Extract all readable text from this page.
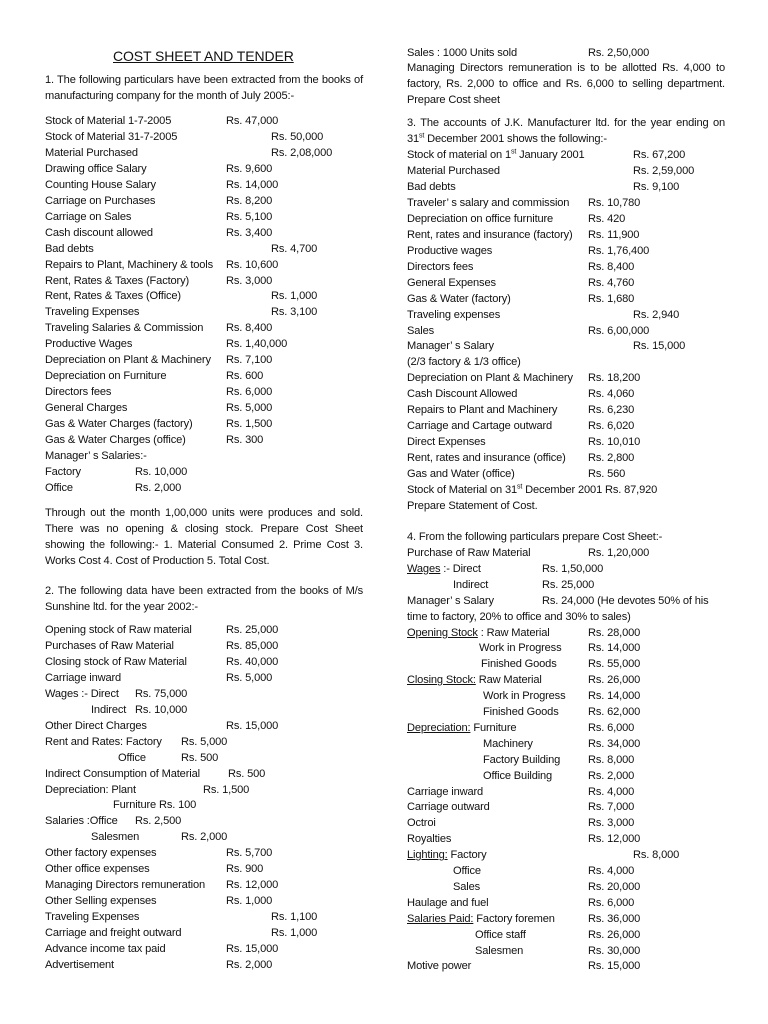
COST SHEET AND TENDER
1. The following particulars have been extracted from the books of manufacturing company for the month of July 2005:-
Stock of Material 1-7-2005	Rs. 47,000
Stock of Material 31-7-2005	Rs. 50,000
Material Purchased	Rs. 2,08,000
Drawing office Salary	Rs. 9,600
Counting House Salary	Rs. 14,000
Carriage on Purchases	Rs. 8,200
Carriage on Sales	Rs. 5,100
Cash discount allowed	Rs. 3,400
Bad debts	Rs. 4,700
Repairs to Plant, Machinery & tools Rs. 10,600
Rent, Rates & Taxes (Factory)	Rs. 3,000
Rent, Rates & Taxes (Office)	Rs. 1,000
Traveling Expenses	Rs. 3,100
Traveling Salaries & Commission Rs. 8,400
Productive Wages	Rs. 1,40,000
Depreciation on Plant & Machinery Rs. 7,100
Depreciation on Furniture	Rs. 600
Directors fees	Rs. 6,000
General Charges	Rs. 5,000
Gas & Water Charges (factory)	Rs. 1,500
Gas & Water Charges (office)	Rs. 300
Manager’ s Salaries:-
Factory	Rs. 10,000
Office	Rs. 2,000
Through out the month 1,00,000 units were produces and sold. There was no opening & closing stock. Prepare Cost Sheet showing the following:- 1. Material Consumed 2. Prime Cost 3. Works Cost 4. Cost of Production 5. Total Cost.
2. The following data have been extracted from the books of M/s Sunshine ltd. for the year 2002:-
Opening stock of Raw material	Rs. 25,000
Purchases of Raw Material	Rs. 85,000
Closing stock of Raw Material	Rs. 40,000
Carriage inward	Rs. 5,000
Wages :- Direct Rs. 75,000
Indirect Rs. 10,000
Other Direct Charges	Rs. 15,000
Rent and Rates: Factory Rs. 5,000
Office	Rs. 500
Indirect Consumption of Material	Rs. 500
Depreciation: Plant	Rs. 1,500
Furniture Rs. 100
Salaries :Office Rs. 2,500
Salesmen	Rs. 2,000
Other factory expenses	Rs. 5,700
Other office expenses	Rs. 900
Managing Directors remuneration Rs. 12,000
Other Selling expenses	Rs. 1,000
Traveling Expenses	Rs. 1,100
Carriage and freight outward	Rs. 1,000
Advance income tax paid	Rs. 15,000
Advertisement	Rs. 2,000
Sales : 1000 Units sold	Rs. 2,50,000
Managing Directors remuneration is to be allotted Rs. 4,000 to factory, Rs. 2,000 to office and Rs. 6,000 to selling department. Prepare Cost sheet
3. The accounts of J.K. Manufacturer ltd. for the year ending on 31st December 2001 shows the following:-
Stock of material on 1st January 2001	Rs. 67,200
Material Purchased	Rs. 2,59,000
Bad debts	Rs. 9,100
Traveler’ s salary and commission Rs. 10,780
Depreciation on office furniture	Rs. 420
Rent, rates and insurance (factory) Rs. 11,900
Productive wages	Rs. 1,76,400
Directors fees	Rs. 8,400
General Expenses	Rs. 4,760
Gas & Water (factory)	Rs. 1,680
Traveling expenses	Rs. 2,940
Sales	Rs. 6,00,000
Manager’ s Salary	Rs. 15,000
(2/3 factory & 1/3 office)
Depreciation on Plant & Machinery Rs. 18,200
Cash Discount Allowed	Rs. 4,060
Repairs to Plant and Machinery	Rs. 6,230
Carriage and Cartage outward	Rs. 6,020
Direct Expenses	Rs. 10,010
Rent, rates and insurance (office) Rs. 2,800
Gas and Water (office)	Rs. 560
Stock of Material on 31st December 2001 Rs. 87,920
Prepare Statement of Cost.
4. From the following particulars prepare Cost Sheet:-
Purchase of Raw Material	Rs. 1,20,000
Wages :- Direct	Rs. 1,50,000
Indirect	Rs. 25,000
Manager’ s Salary	Rs. 24,000 (He devotes 50% of his
time to factory, 20% to office and 30% to sales)
Opening Stock : Raw Material	Rs. 28,000
Work in Progress Rs. 14,000
Finished Goods	Rs. 55,000
Closing Stock: Raw Material	Rs. 26,000
Work in Progress Rs. 14,000
Finished Goods	Rs. 62,000
Depreciation: Furniture	Rs. 6,000
Machinery	Rs. 34,000
Factory Building	Rs. 8,000
Office Building	Rs. 2,000
Carriage inward	Rs. 4,000
Carriage outward	Rs. 7,000
Octroi	Rs. 3,000
Royalties	Rs. 12,000
Lighting: Factory	Rs. 8,000
Office	Rs. 4,000
Sales	Rs. 20,000
Haulage and fuel	Rs. 6,000
Salaries Paid: Factory foremen	Rs. 36,000
Office staff	Rs. 26,000
Salesmen	Rs. 30,000
Motive power	Rs. 15,000
